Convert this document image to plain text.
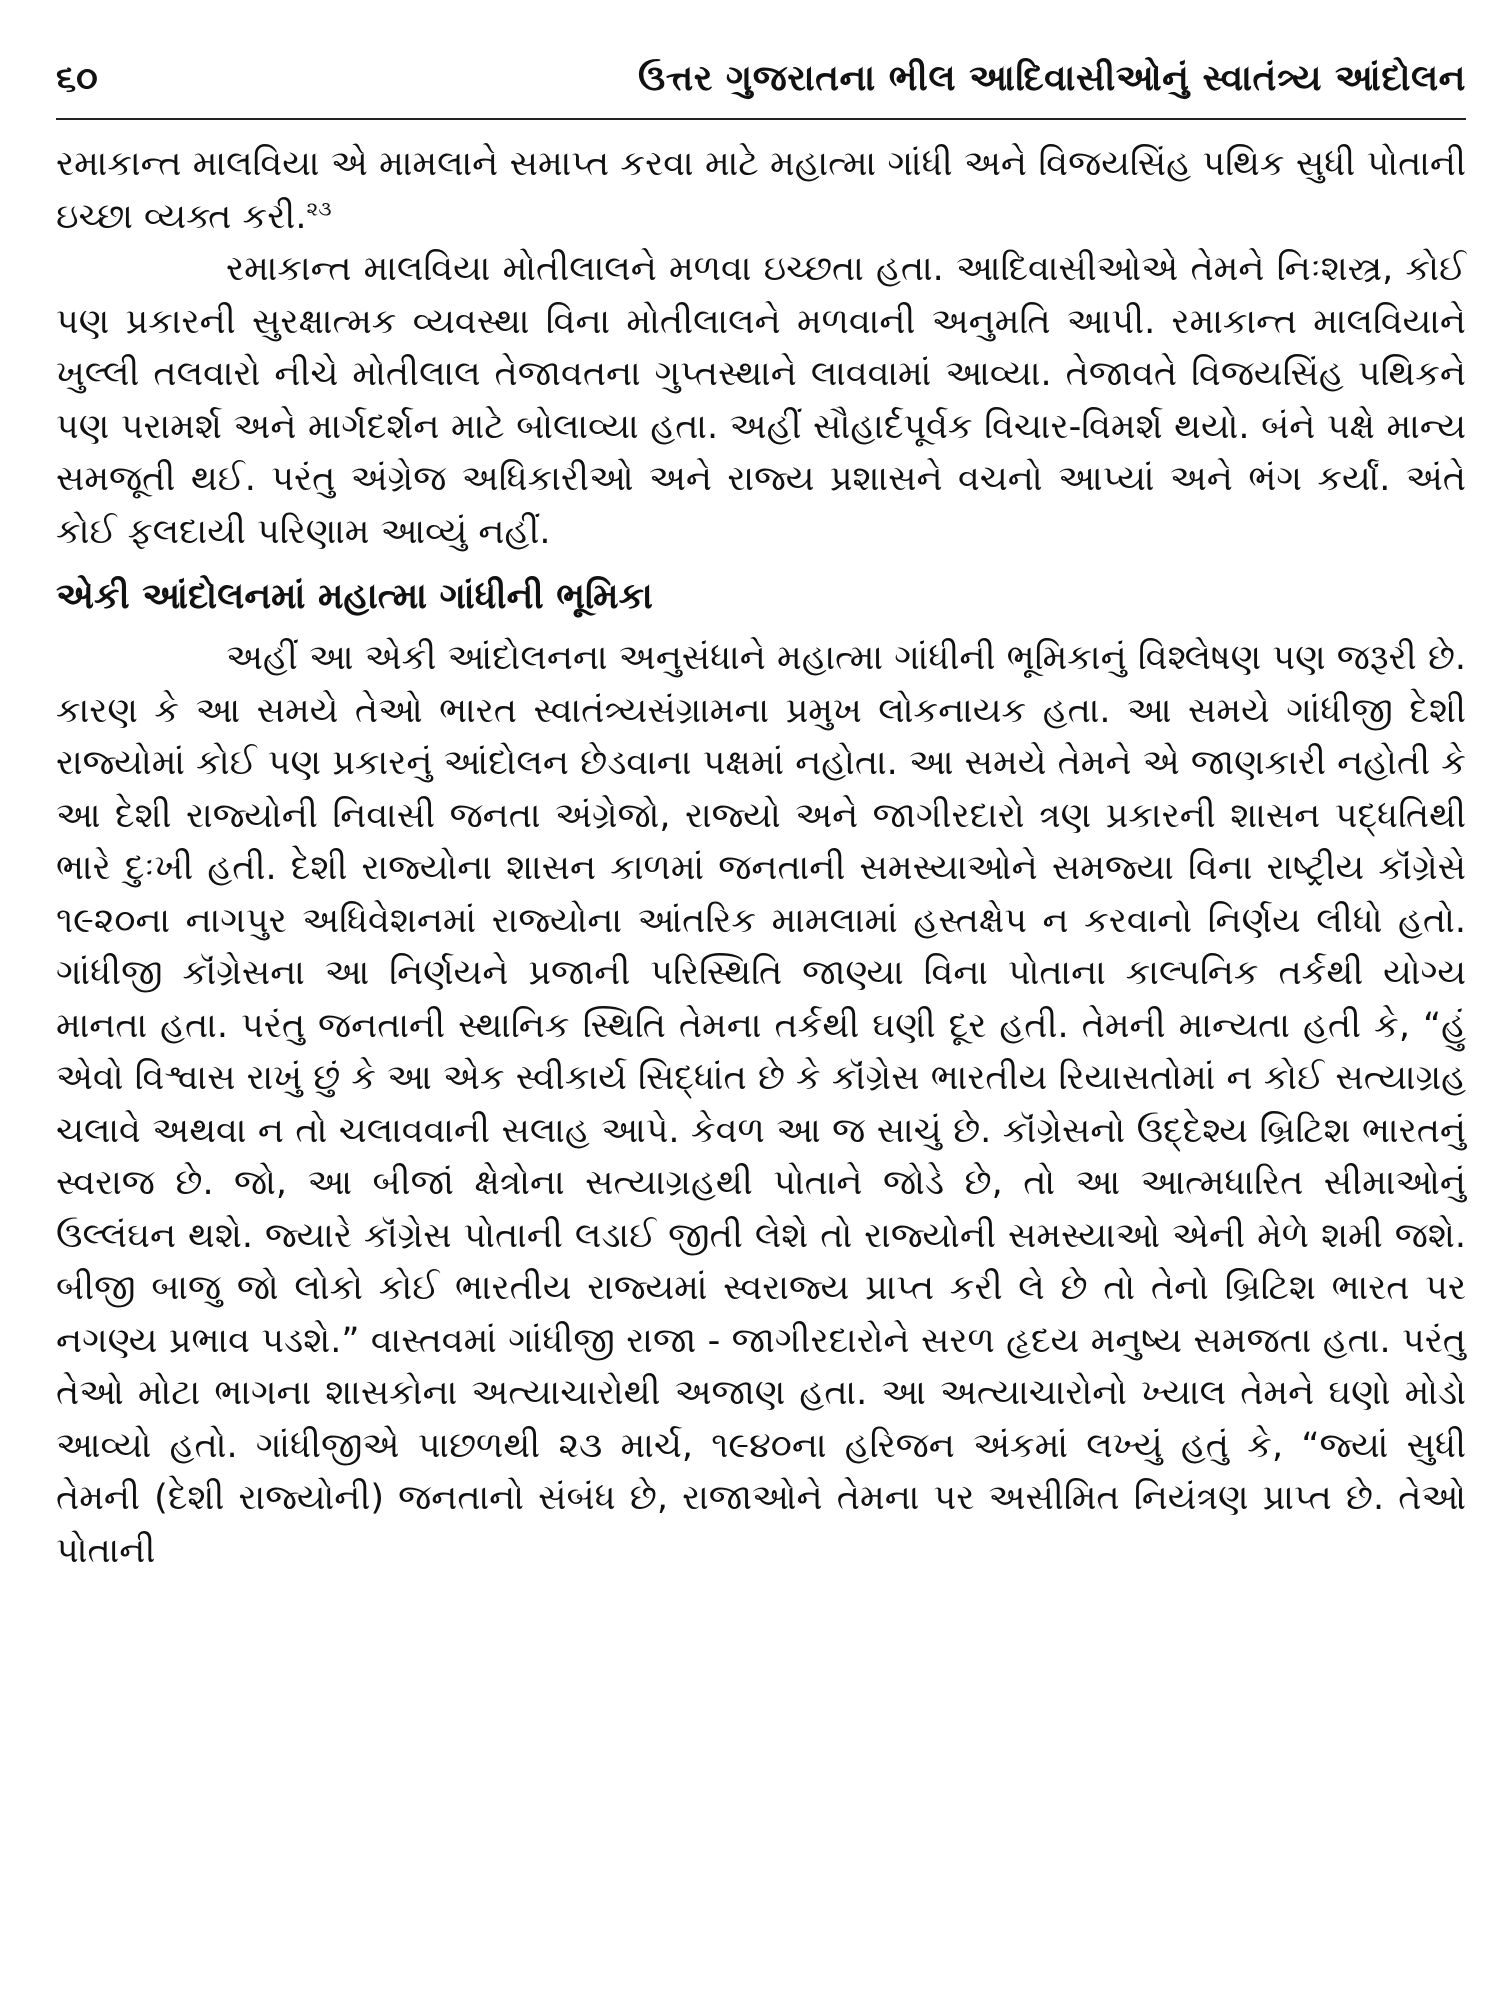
૬૦	ઉત્તર ગુજરાતના ભીલ આદિવાસીઓનું સ્વાતંત્ર્ય આંદોલન

રમાકાન્ત માલવિયા એ મામલાને સમાપ્ત કરવા માટે મહાત્મા ગાંધી અને વિજયસિંહ પથિક સુધી પોતાની ઇચ્છા વ્યક્ત કરી.$^{૨૩}$

રમાકાન્ત માલવિયા મોતીલાલને મળવા ઇચ્છતા હતા. આદિવાસીઓએ તેમને નિઃશસ્ત્ર, કોઈ પણ પ્રકારની સુરક્ષાત્મક વ્યવસ્થા વિના મોતીલાલને મળવાની અનુમતિ આપી. રમાકાન્ત માલવિયાને ખુલ્લી તલવારો નીચે મોતીલાલ તેજાવતના ગુપ્તસ્થાને લાવવામાં આવ્યા. તેજાવતે વિજયસિંહ પથિકને પણ પરામર્શ અને માર્ગદર્શન માટે બોલાવ્યા હતા. અહીં સૌહાર્દપૂર્વક વિચાર-વિમર્શ થયો. બંને પક્ષે માન્ય સમજૂતી થઈ. પરંતુ અંગ્રેજ અધિકારીઓ અને રાજ્ય પ્રશાસને વચનો આપ્યાં અને ભંગ કર્યાં. અંતે કોઈ ફલદાયી પરિણામ આવ્યું નહીં.

એકી આંદોલનમાં મહાત્મા ગાંધીની ભૂમિકા

અહીં આ એકી આંદોલનના અનુસંધાને મહાત્મા ગાંધીની ભૂમિકાનું વિશ્લેષણ પણ જરૂરી છે. કારણ કે આ સમયે તેઓ ભારત સ્વાતંત્ર્યસંગ્રામના પ્રમુખ લોકનાયક હતા. આ સમયે ગાંધીજી દેશી રાજ્યોમાં કોઈ પણ પ્રકારનું આંદોલન છેડવાના પક્ષમાં નહોતા. આ સમયે તેમને એ જાણકારી નહોતી કે આ દેશી રાજ્યોની નિવાસી જનતા અંગ્રેજો, રાજ્યો અને જાગીરદારો ત્રણ પ્રકારની શાસન પદ્ધતિથી ભારે દુઃખી હતી. દેશી રાજ્યોના શાસન કાળમાં જનતાની સમસ્યાઓને સમજ્યા વિના રાષ્ટ્રીય કૉંગ્રેસે ૧૯૨૦ના નાગપુર અધિવેશનમાં રાજ્યોના આંતરિક મામલામાં હસ્તક્ષેપ ન કરવાનો નિર્ણય લીધો હતો. ગાંધીજી કૉંગ્રેસના આ નિર્ણયને પ્રજાની પરિસ્થિતિ જાણ્યા વિના પોતાના કાલ્પનિક તર્કથી યોગ્ય માનતા હતા. પરંતુ જનતાની સ્થાનિક સ્થિતિ તેમના તર્કથી ઘણી દૂર હતી. તેમની માન્યતા હતી કે, “હું એવો વિશ્વાસ રાખું છું કે આ એક સ્વીકાર્ય સિદ્ધાંત છે કે કૉંગ્રેસ ભારતીય રિયાસતોમાં ન કોઈ સત્યાગ્રહ ચલાવે અથવા ન તો ચલાવવાની સલાહ આપે. કેવળ આ જ સાચું છે. કૉંગ્રેસનો ઉદ્દેશ્ય બ્રિટિશ ભારતનું સ્વરાજ છે. જો, આ બીજાં ક્ષેત્રોના સત્યાગ્રહથી પોતાને જોડે છે, તો આ આત્મધારિત સીમાઓનું ઉલ્લંઘન થશે. જ્યારે કૉંગ્રેસ પોતાની લડાઈ જીતી લેશે તો રાજ્યોની સમસ્યાઓ એની મેળે શમી જશે. બીજી બાજુ જો લોકો કોઈ ભારતીય રાજ્યમાં સ્વરાજ્ય પ્રાપ્ત કરી લે છે તો તેનો બ્રિટિશ ભારત પર નગણ્ય પ્રભાવ પડશે.” વાસ્તવમાં ગાંધીજી રાજા - જાગીરદારોને સરળ હૃદય મનુષ્ય સમજતા હતા. પરંતુ તેઓ મોટા ભાગના શાસકોના અત્યાચારોથી અજાણ હતા. આ અત્યાચારોનો ખ્યાલ તેમને ઘણો મોડો આવ્યો હતો. ગાંધીજીએ પાછળથી ૨૩ માર્ચ, ૧૯૪૦ના હરિજન અંકમાં લખ્યું હતું કે, “જ્યાં સુધી તેમની (દેશી રાજ્યોની) જનતાનો સંબંધ છે, રાજાઓને તેમના પર અસીમિત નિયંત્રણ પ્રાપ્ત છે. તેઓ પોતાની
